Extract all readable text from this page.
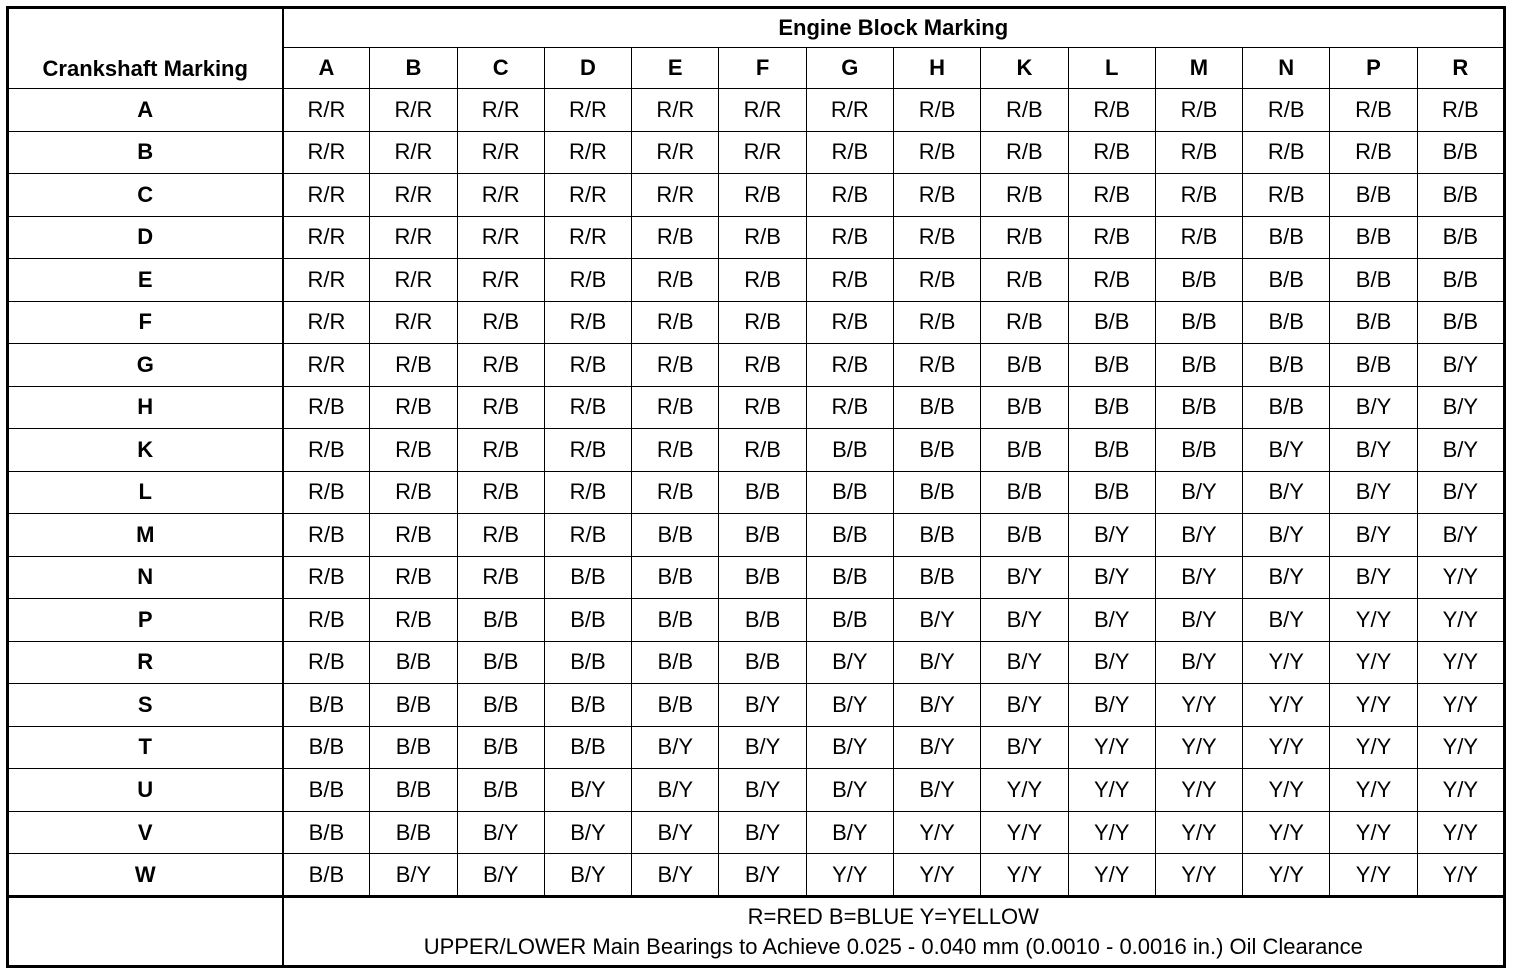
Crankshaft Marking	Engine Block Marking													
	A	B	C	D	E	F	G	H	K	L	M	N	P	R
A	R/R	R/R	R/R	R/R	R/R	R/R	R/R	R/B	R/B	R/B	R/B	R/B	R/B	R/B
B	R/R	R/R	R/R	R/R	R/R	R/R	R/B	R/B	R/B	R/B	R/B	R/B	R/B	B/B
C	R/R	R/R	R/R	R/R	R/R	R/B	R/B	R/B	R/B	R/B	R/B	R/B	B/B	B/B
D	R/R	R/R	R/R	R/R	R/B	R/B	R/B	R/B	R/B	R/B	R/B	B/B	B/B	B/B
E	R/R	R/R	R/R	R/B	R/B	R/B	R/B	R/B	R/B	R/B	B/B	B/B	B/B	B/B
F	R/R	R/R	R/B	R/B	R/B	R/B	R/B	R/B	R/B	B/B	B/B	B/B	B/B	B/B
G	R/R	R/B	R/B	R/B	R/B	R/B	R/B	R/B	B/B	B/B	B/B	B/B	B/B	B/Y
H	R/B	R/B	R/B	R/B	R/B	R/B	R/B	B/B	B/B	B/B	B/B	B/B	B/Y	B/Y
K	R/B	R/B	R/B	R/B	R/B	R/B	B/B	B/B	B/B	B/B	B/B	B/Y	B/Y	B/Y
L	R/B	R/B	R/B	R/B	R/B	B/B	B/B	B/B	B/B	B/B	B/Y	B/Y	B/Y	B/Y
M	R/B	R/B	R/B	R/B	B/B	B/B	B/B	B/B	B/B	B/Y	B/Y	B/Y	B/Y	B/Y
N	R/B	R/B	R/B	B/B	B/B	B/B	B/B	B/B	B/Y	B/Y	B/Y	B/Y	B/Y	Y/Y
P	R/B	R/B	B/B	B/B	B/B	B/B	B/B	B/Y	B/Y	B/Y	B/Y	B/Y	Y/Y	Y/Y
R	R/B	B/B	B/B	B/B	B/B	B/B	B/Y	B/Y	B/Y	B/Y	B/Y	Y/Y	Y/Y	Y/Y
S	B/B	B/B	B/B	B/B	B/B	B/Y	B/Y	B/Y	B/Y	B/Y	Y/Y	Y/Y	Y/Y	Y/Y
T	B/B	B/B	B/B	B/B	B/Y	B/Y	B/Y	B/Y	B/Y	Y/Y	Y/Y	Y/Y	Y/Y	Y/Y
U	B/B	B/B	B/B	B/Y	B/Y	B/Y	B/Y	B/Y	Y/Y	Y/Y	Y/Y	Y/Y	Y/Y	Y/Y
V	B/B	B/B	B/Y	B/Y	B/Y	B/Y	B/Y	Y/Y	Y/Y	Y/Y	Y/Y	Y/Y	Y/Y	Y/Y
W	B/B	B/Y	B/Y	B/Y	B/Y	B/Y	Y/Y	Y/Y	Y/Y	Y/Y	Y/Y	Y/Y	Y/Y	Y/Y

	R=RED B=BLUE Y=YELLOW
UPPER/LOWER Main Bearings to Achieve 0.025 - 0.040 mm (0.0010 - 0.0016 in.) Oil Clearance													
